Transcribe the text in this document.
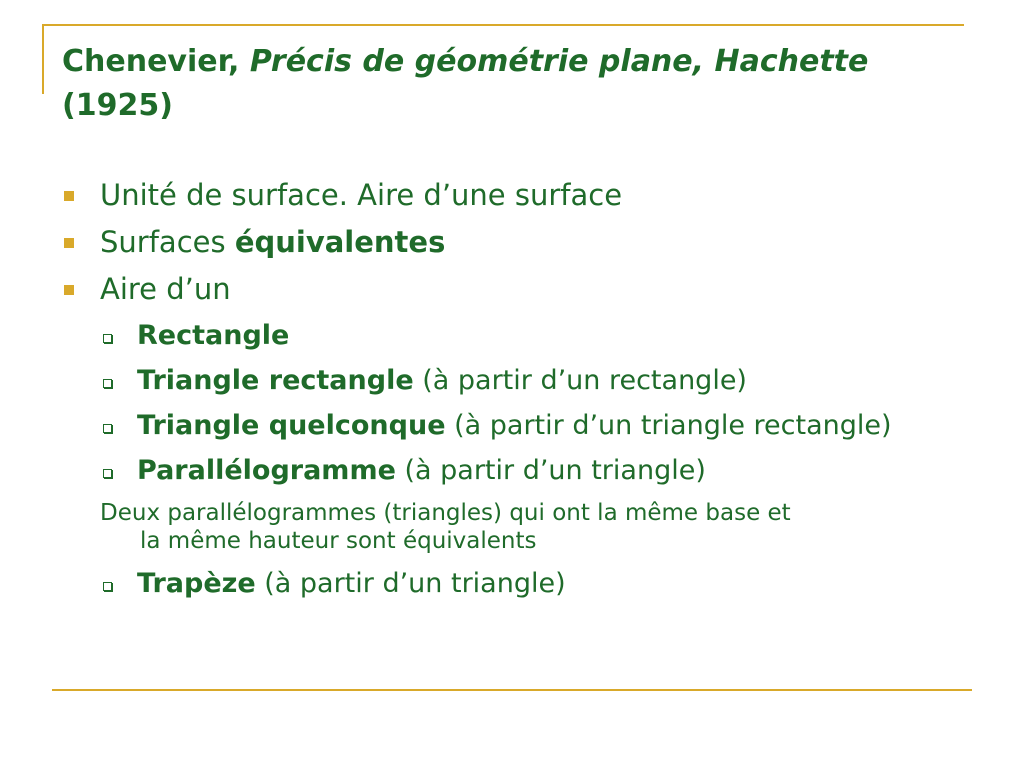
Chenevier, Précis de géométrie plane, Hachette (1925)
Unité de surface. Aire d’une surface
Surfaces équivalentes
Aire d’un
Rectangle
Triangle rectangle (à partir d’un rectangle)
Triangle quelconque (à partir d’un triangle rectangle)
Parallélogramme (à partir d’un triangle)
Deux parallélogrammes (triangles) qui ont la même base et
la même hauteur sont équivalents
Trapèze (à partir d’un triangle)
